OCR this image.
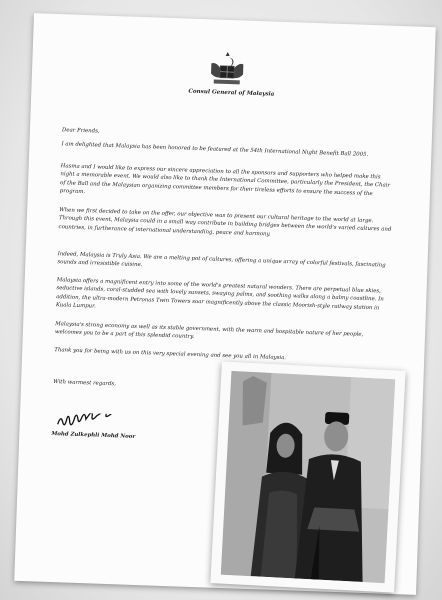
Consul General of Malaysia
Dear Friends,
I am delighted that Malaysia has been honored to be featured at the 54th International Night Benefit Ball 2005.
Hasma and I would like to express our sincere appreciation to all the sponsors and supporters who helped make this night a memorable event. We would also like to thank the International Committee, particularly the President, the Chair of the Ball and the Malaysian organizing committee members for their tireless efforts to ensure the success of the program.
When we first decided to take on the offer, our objective was to present our cultural heritage to the world at large. Through this event, Malaysia could in a small way contribute in building bridges between the world's varied cultures and countries, in furtherance of international understanding, peace and harmony.
Indeed, Malaysia is Truly Asia. We are a melting pot of cultures, offering a unique array of colorful festivals, fascinating sounds and irresistible cuisine.
Malaysia offers a magnificent entry into some of the world's greatest natural wonders. There are perpetual blue skies, seductive islands, coral-studded sea with lovely sunsets, swaying palms, and soothing walks along a balmy coastline. In addition, the ultra-modern Petronas Twin Towers soar magnificently above the classic Moorish-style railway station in Kuala Lumpur.
Malaysia's strong economy as well as its stable government, with the warm and hospitable nature of her people, welcomes you to be a part of this splendid country.
Thank you for being with us on this very special evening and see you all in Malaysia.
With warmest regards,
Mohd Zulkephli Mohd Noor
